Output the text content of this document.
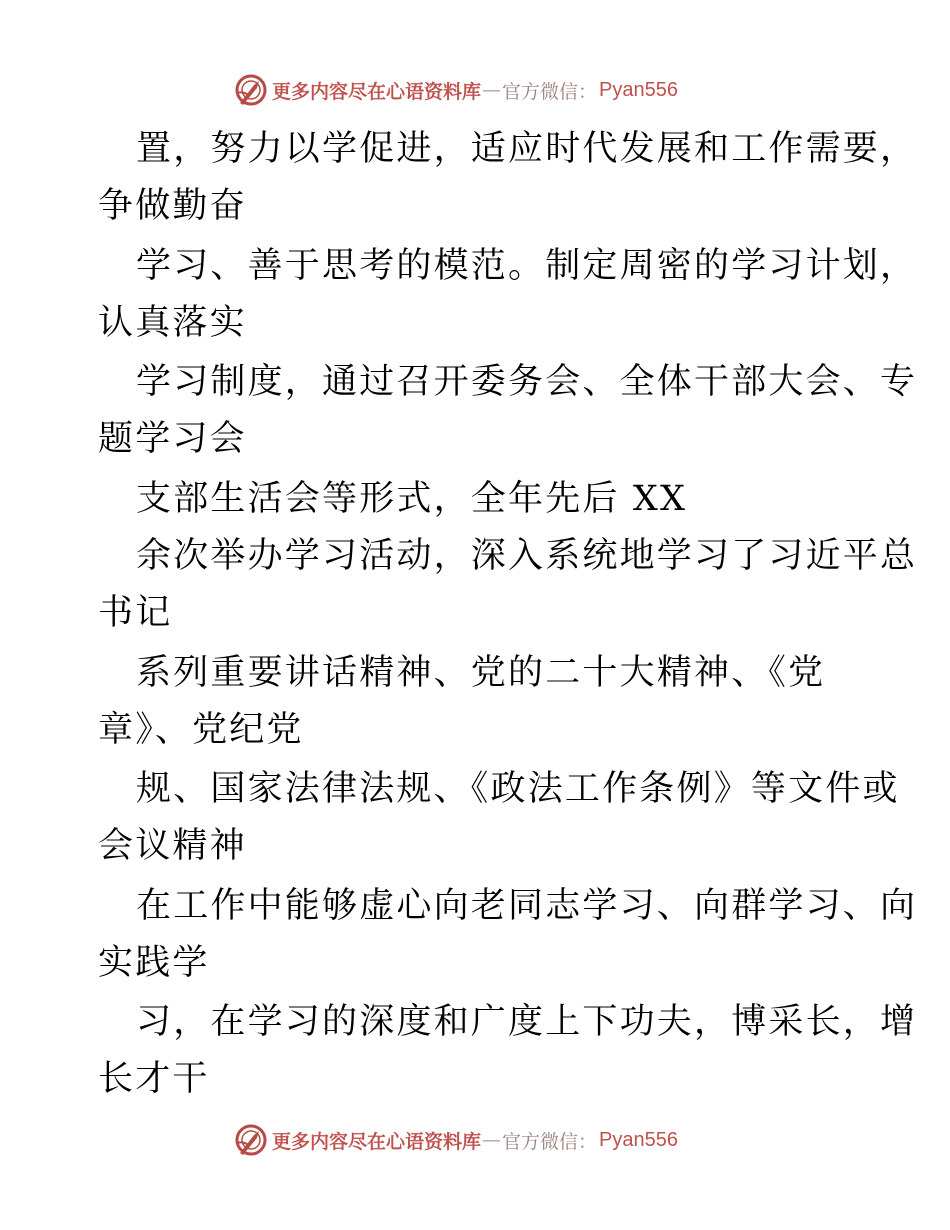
更多内容尽在心语资料库 — 官方微信： Pyan556
置，努力以学促进，适应时代发展和工作需要，
争做勤奋
学习、善于思考的模范。制定周密的学习计划，
认真落实
学习制度，通过召开委务会、全体干部大会、专
题学习会
支部生活会等形式，全年先后 XX
余次举办学习活动，深入系统地学习了习近平总
书记
系列重要讲话精神、党的二十大精神、《党
章》、党纪党
规、国家法律法规、《政法工作条例》等文件或
会议精神
在工作中能够虚心向老同志学习、向群学习、向
实践学
习，在学习的深度和广度上下功夫，博采长，增
长才干
更多内容尽在心语资料库 — 官方微信： Pyan556
